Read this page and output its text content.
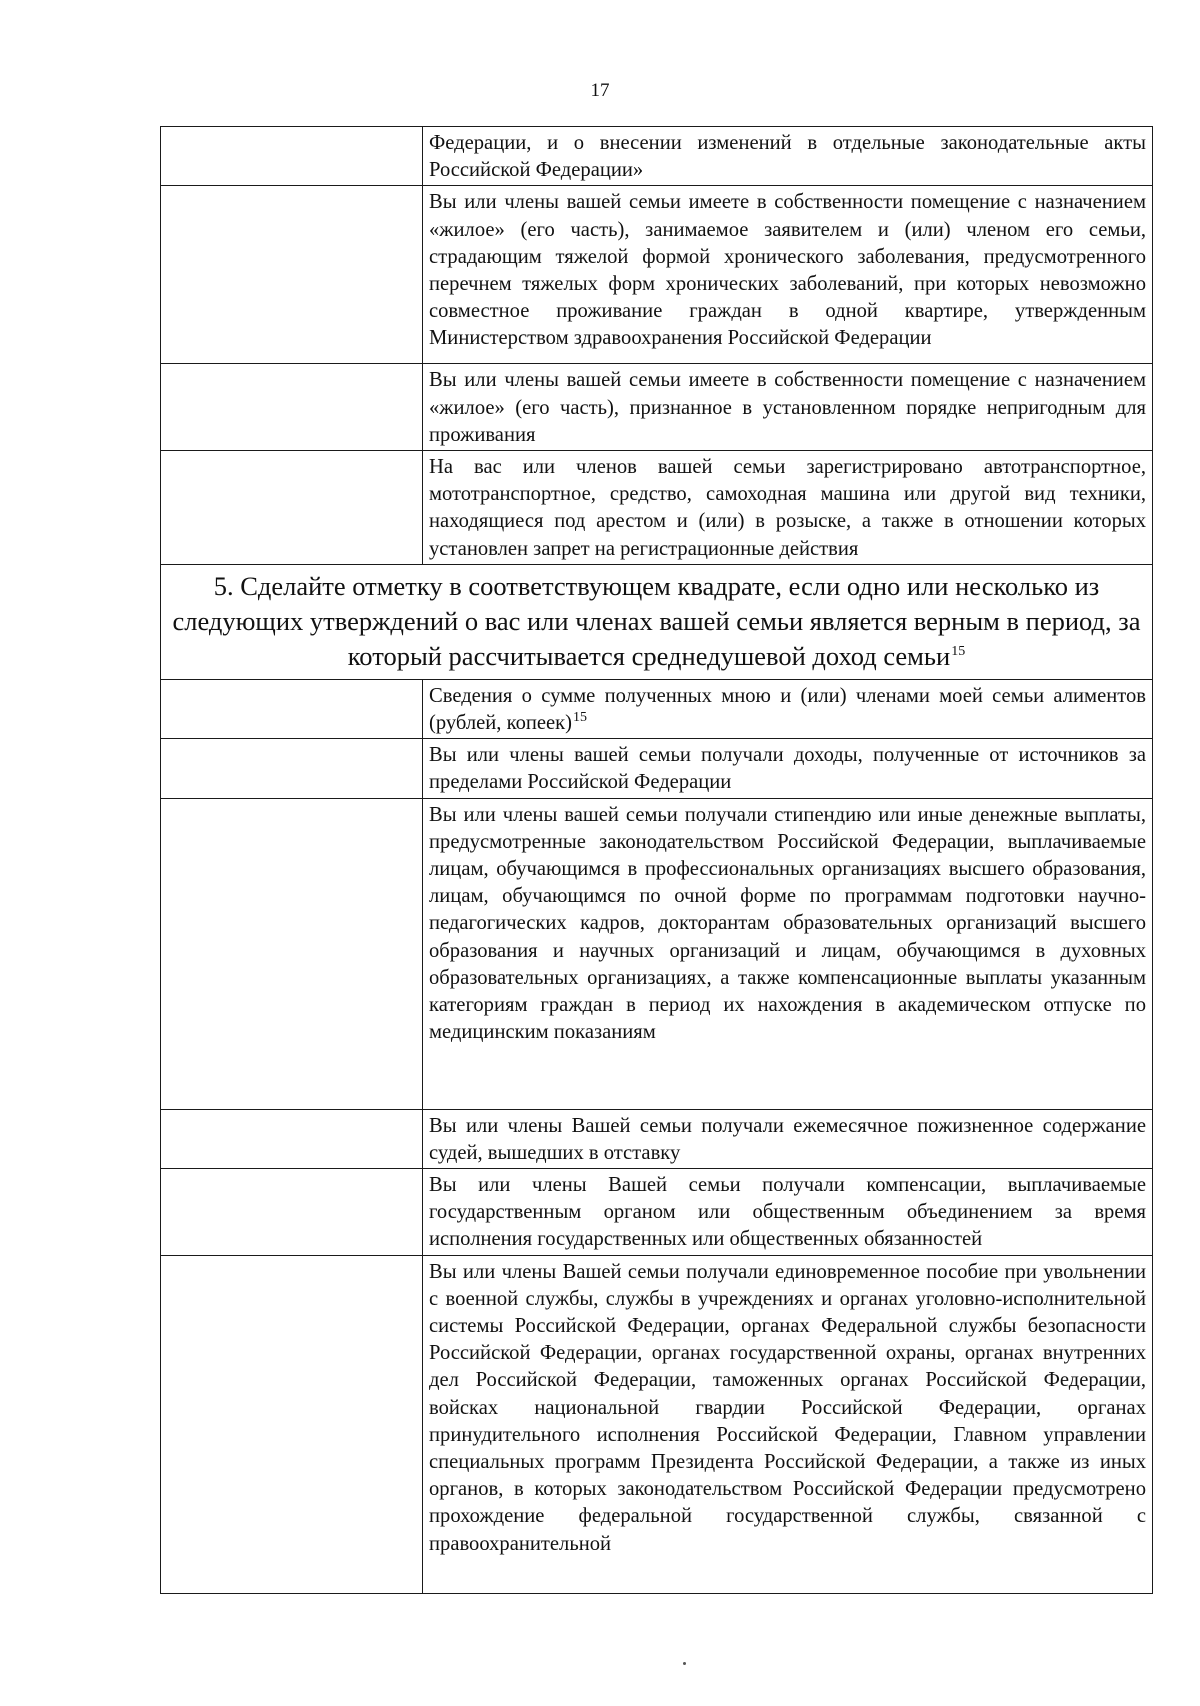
17
	Федерации, и о внесении изменений в отдельные законодательные акты Российской Федерации»
	Вы или члены вашей семьи имеете в собственности помещение с назначением «жилое» (его часть), занимаемое заявителем и (или) членом его семьи, страдающим тяжелой формой хронического заболевания, предусмотренного перечнем тяжелых форм хронических заболеваний, при которых невозможно совместное проживание граждан в одной квартире, утвержденным Министерством здравоохранения Российской Федерации
	Вы или члены вашей семьи имеете в собственности помещение с назначением «жилое» (его часть), признанное в установленном порядке непригодным для проживания
	На вас или членов вашей семьи зарегистрировано автотранспортное, мототранспортное, средство, самоходная машина или другой вид техники, находящиеся под арестом и (или) в розыске, а также в отношении которых установлен запрет на регистрационные действия
5. Сделайте отметку в соответствующем квадрате, если одно или несколько из следующих утверждений о вас или членах вашей семьи является верным в период, за который рассчитывается среднедушевой доход семьи$^{15}$
	Сведения о сумме полученных мною и (или) членами моей семьи алиментов (рублей, копеек)$^{15}$
	Вы или члены вашей семьи получали доходы, полученные от источников за пределами Российской Федерации
	Вы или члены вашей семьи получали стипендию или иные денежные выплаты, предусмотренные законодательством Российской Федерации, выплачиваемые лицам, обучающимся в профессиональных организациях высшего образования, лицам, обучающимся по очной форме по программам подготовки научно-педагогических кадров, докторантам образовательных организаций высшего образования и научных организаций и лицам, обучающимся в духовных образовательных организациях, а также компенсационные выплаты указанным категориям граждан в период их нахождения в академическом отпуске по медицинским показаниям
	Вы или члены Вашей семьи получали ежемесячное пожизненное содержание судей, вышедших в отставку
	Вы или члены Вашей семьи получали компенсации, выплачиваемые государственным органом или общественным объединением за время исполнения государственных или общественных обязанностей
	Вы или члены Вашей семьи получали единовременное пособие при увольнении с военной службы, службы в учреждениях и органах уголовно-исполнительной системы Российской Федерации, органах Федеральной службы безопасности Российской Федерации, органах государственной охраны, органах внутренних дел Российской Федерации, таможенных органах Российской Федерации, войсках национальной гвардии Российской Федерации, органах принудительного исполнения Российской Федерации, Главном управлении специальных программ Президента Российской Федерации, а также из иных органов, в которых законодательством Российской Федерации предусмотрено прохождение федеральной государственной службы, связанной с правоохранительной
